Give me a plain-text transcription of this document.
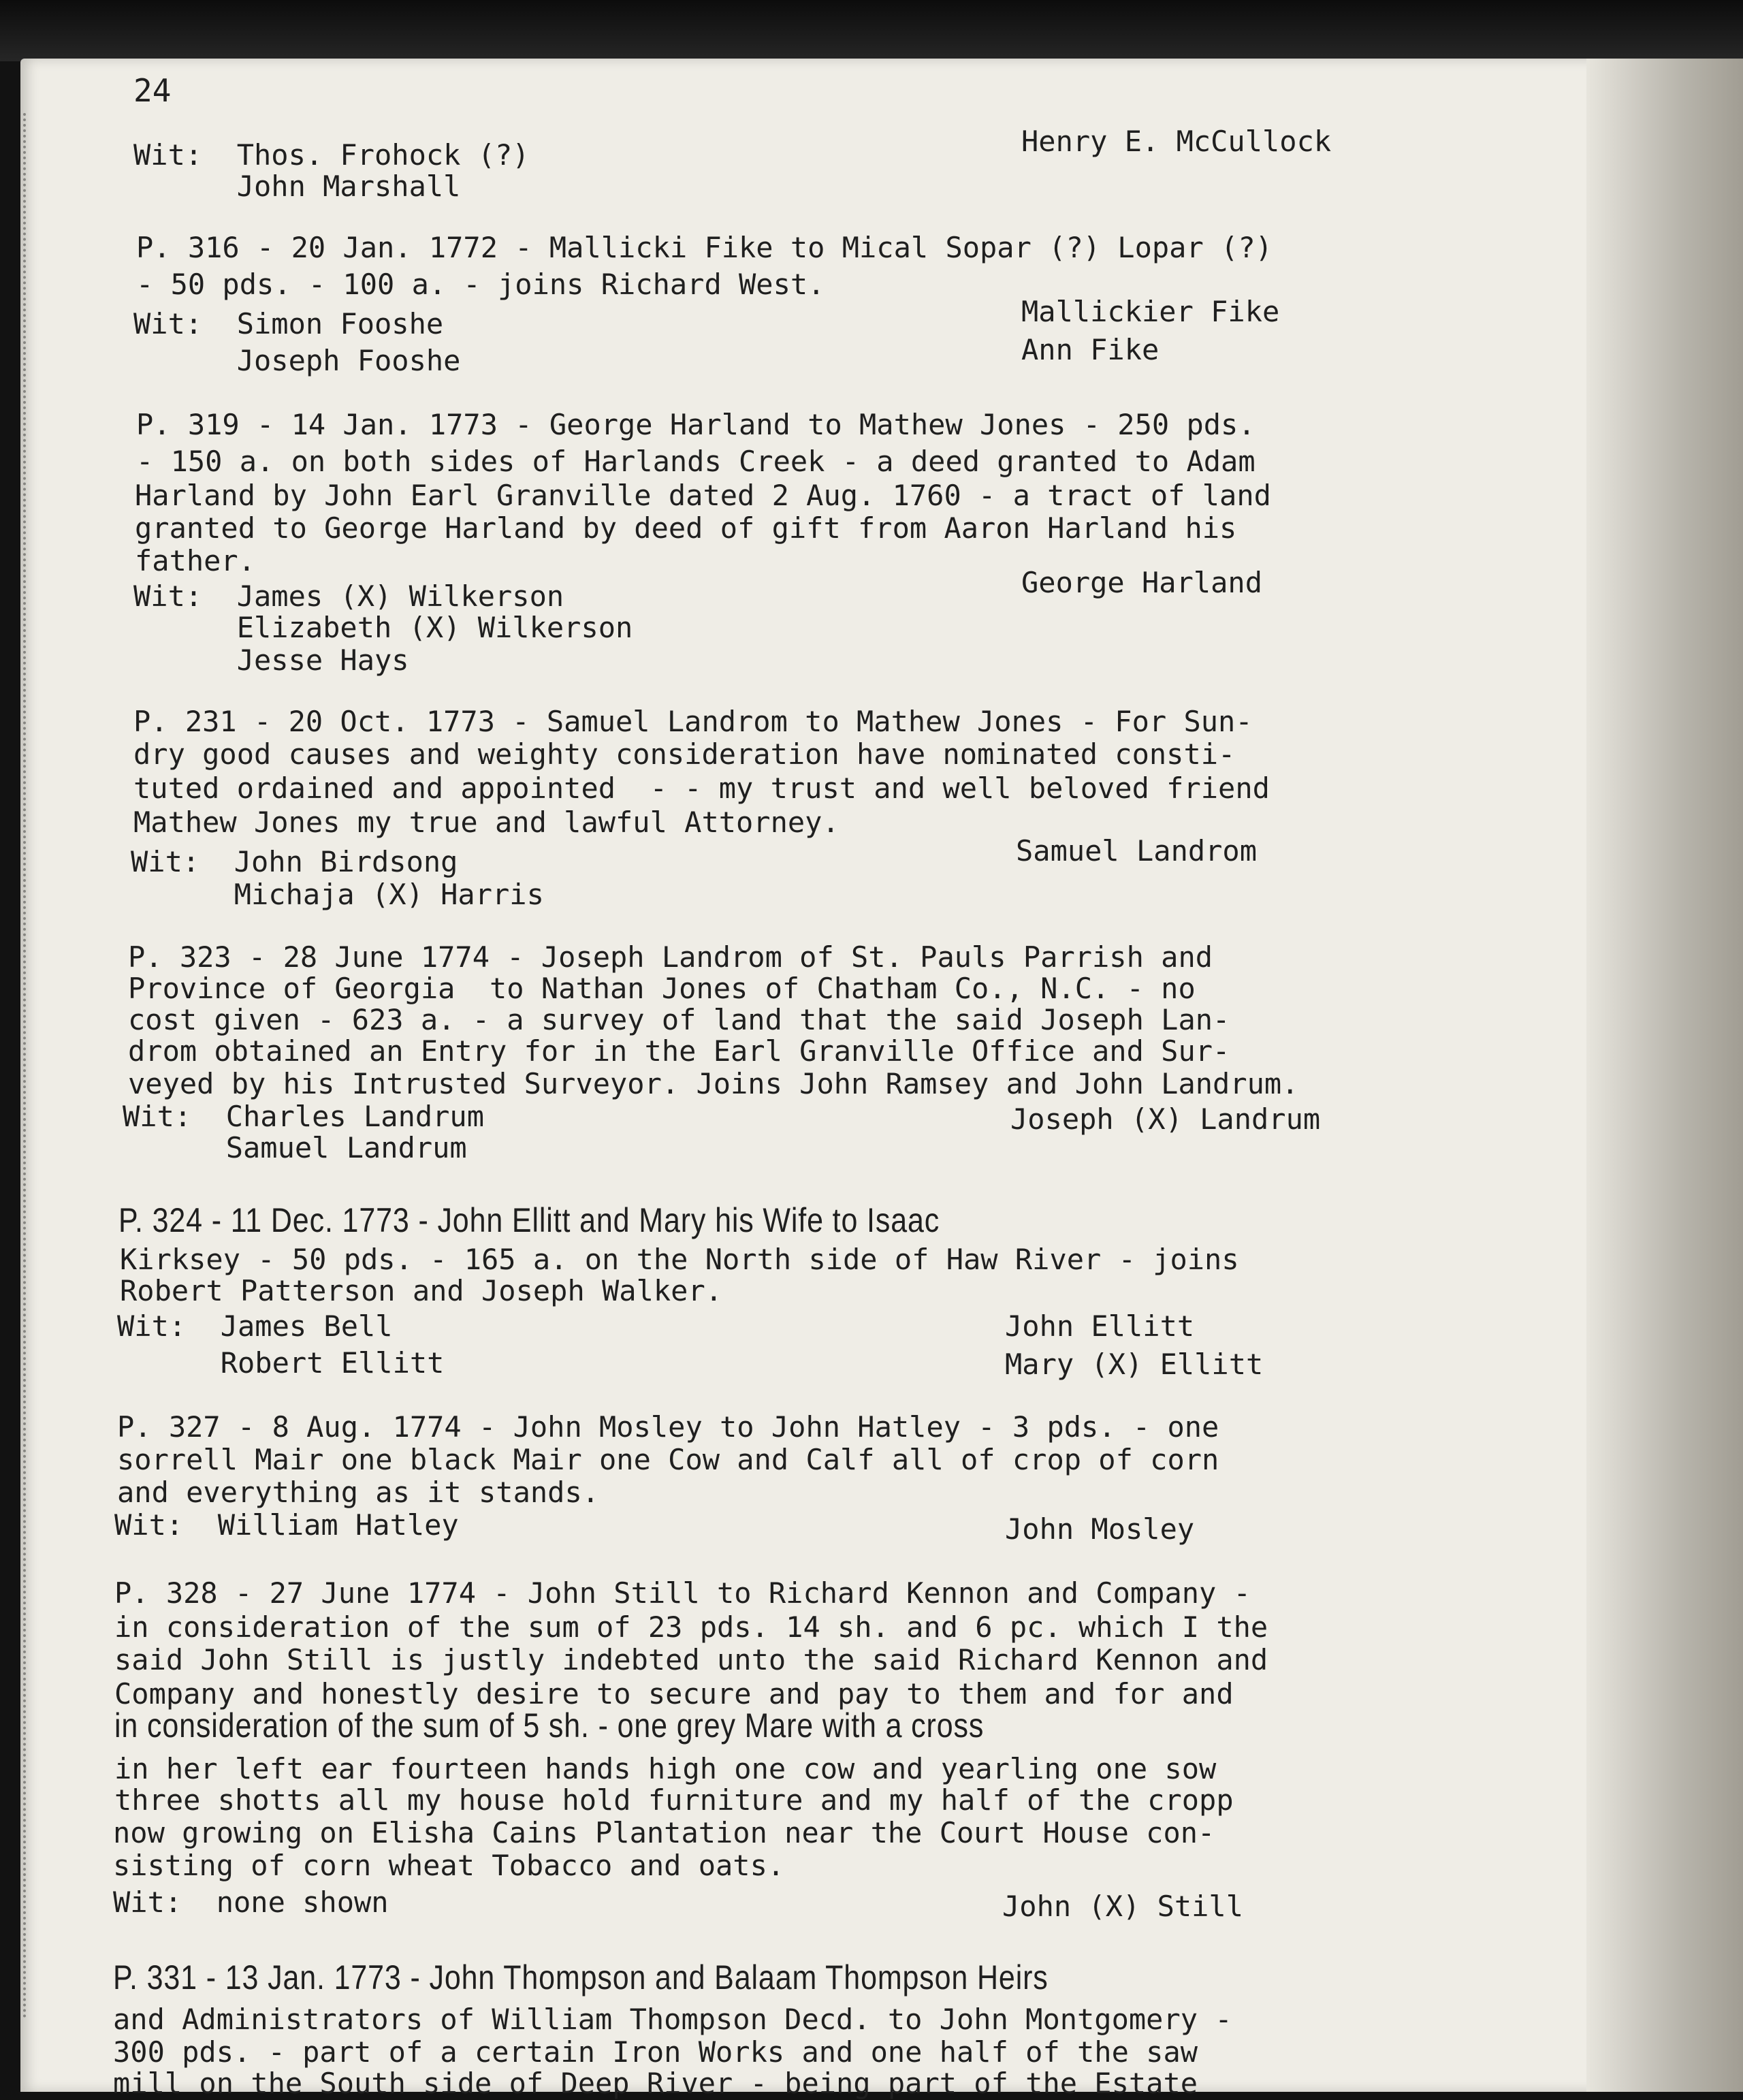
24
Wit:  Thos. Frohock (?)
John Marshall
Henry E. McCullock
P. 316 - 20 Jan. 1772 - Mallicki Fike to Mical Sopar (?) Lopar (?)
- 50 pds. - 100 a. - joins Richard West.
Wit:  Simon Fooshe
Joseph Fooshe
Mallickier Fike
Ann Fike
P. 319 - 14 Jan. 1773 - George Harland to Mathew Jones - 250 pds.
- 150 a. on both sides of Harlands Creek - a deed granted to Adam
Harland by John Earl Granville dated 2 Aug. 1760 - a tract of land
granted to George Harland by deed of gift from Aaron Harland his
father.
Wit:  James (X) Wilkerson
Elizabeth (X) Wilkerson
Jesse Hays
George Harland
P. 231 - 20 Oct. 1773 - Samuel Landrom to Mathew Jones - For Sun-
dry good causes and weighty consideration have nominated consti-
tuted ordained and appointed  - - my trust and well beloved friend
Mathew Jones my true and lawful Attorney.
Wit:  John Birdsong
Michaja (X) Harris
Samuel Landrom
P. 323 - 28 June 1774 - Joseph Landrom of St. Pauls Parrish and
Province of Georgia  to Nathan Jones of Chatham Co., N.C. - no
cost given - 623 a. - a survey of land that the said Joseph Lan-
drom obtained an Entry for in the Earl Granville Office and Sur-
veyed by his Intrusted Surveyor. Joins John Ramsey and John Landrum.
Wit:  Charles Landrum
Samuel Landrum
Joseph (X) Landrum
P. 324 - 11 Dec. 1773 - John Ellitt and Mary his Wife to Isaac
Kirksey - 50 pds. - 165 a. on the North side of Haw River - joins
Robert Patterson and Joseph Walker.
Wit:  James Bell
Robert Ellitt
John Ellitt
Mary (X) Ellitt
P. 327 - 8 Aug. 1774 - John Mosley to John Hatley - 3 pds. - one
sorrell Mair one black Mair one Cow and Calf all of crop of corn
and everything as it stands.
Wit:  William Hatley	John Mosley
P. 328 - 27 June 1774 - John Still to Richard Kennon and Company -
in consideration of the sum of 23 pds. 14 sh. and 6 pc. which I the
said John Still is justly indebted unto the said Richard Kennon and
Company and honestly desire to secure and pay to them and for and
in consideration of the sum of 5 sh. - one grey Mare with a cross
in her left ear fourteen hands high one cow and yearling one sow
three shotts all my house hold furniture and my half of the cropp
now growing on Elisha Cains Plantation near the Court House con-
sisting of corn wheat Tobacco and oats.
Wit:  none shown	John (X) Still
P. 331 - 13 Jan. 1773 - John Thompson and Balaam Thompson Heirs
and Administrators of William Thompson Decd. to John Montgomery -
300 pds. - part of a certain Iron Works and one half of the saw
mill on the South side of Deep River - being part of the Estate
